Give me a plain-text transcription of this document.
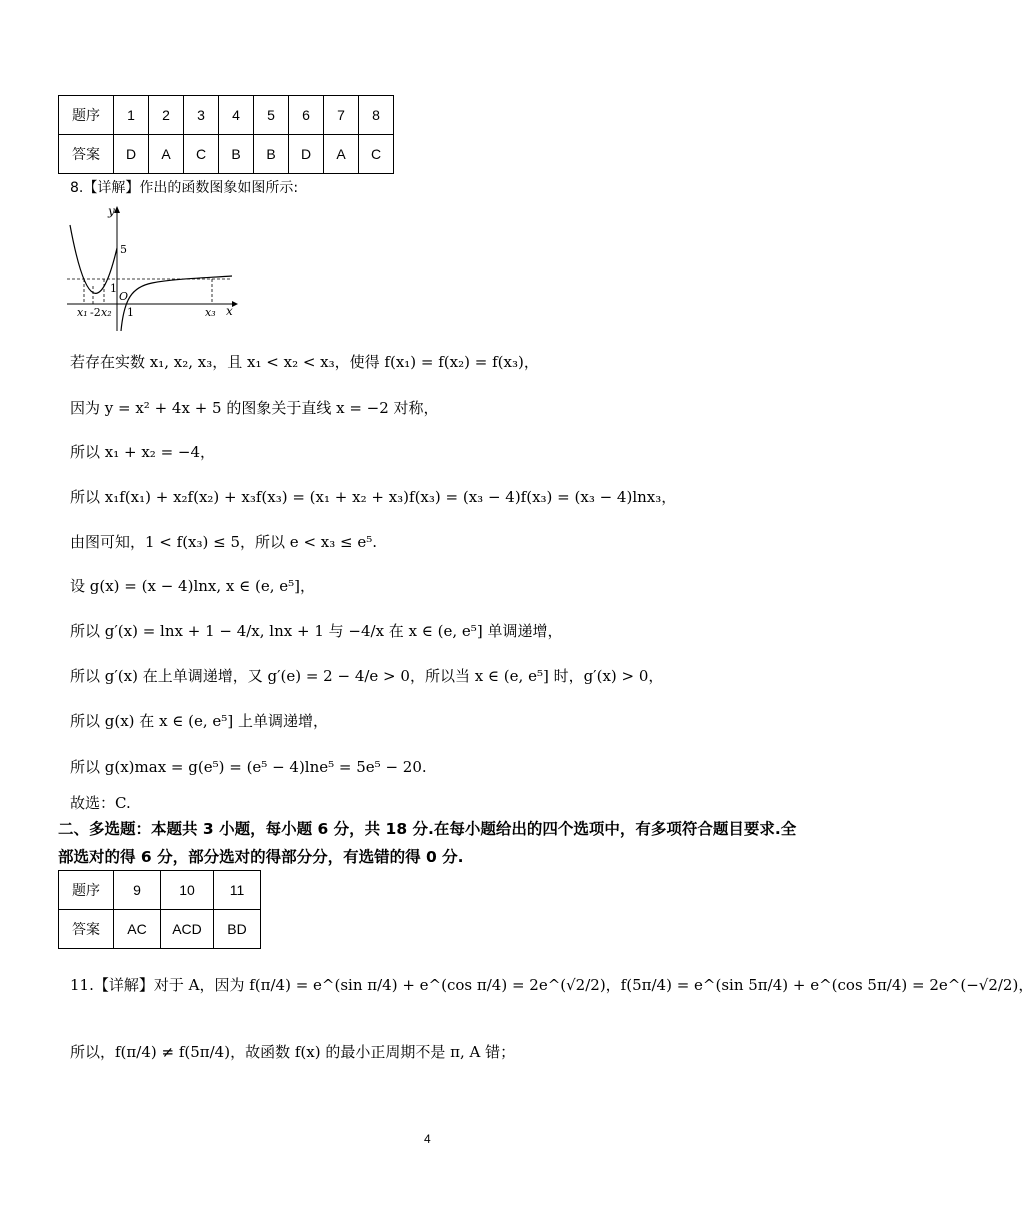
题序	1	2	3	4	5	6	7	8
答案	D	A	C	B	B	D	A	C
8.【详解】作出的函数图象如图所示:
y
5
1
O
1	x
x₁ -2 x₂	x₃
若存在实数 x₁, x₂, x₃，且 x₁ < x₂ < x₃，使得 f(x₁) = f(x₂) = f(x₃)，
因为 y = x² + 4x + 5 的图象关于直线 x = −2 对称，
所以 x₁ + x₂ = −4，
所以 x₁f(x₁) + x₂f(x₂) + x₃f(x₃) = (x₁ + x₂ + x₃)f(x₃) = (x₃ − 4)f(x₃) = (x₃ − 4)lnx₃，
由图可知，1 < f(x₃) ≤ 5，所以 e < x₃ ≤ e⁵.
设 g(x) = (x − 4)lnx, x ∈ (e, e⁵]，
所以 g′(x) = lnx + 1 − 4/x, lnx + 1 与 −4/x 在 x ∈ (e, e⁵] 单调递增，
所以 g′(x) 在上单调递增，又 g′(e) = 2 − 4/e > 0，所以当 x ∈ (e, e⁵] 时，g′(x) > 0，
所以 g(x) 在 x ∈ (e, e⁵] 上单调递增，
所以 g(x)max = g(e⁵) = (e⁵ − 4)lne⁵ = 5e⁵ − 20.
故选：C.
二、多选题：本题共 3 小题，每小题 6 分，共 18 分.在每小题给出的四个选项中，有多项符合题目要求.全部选对的得 6 分，部分选对的得部分分，有选错的得 0 分.
题序	9	10	11
答案	AC	ACD	BD
11.【详解】对于 A，因为 f(π/4) = e^(sin π/4) + e^(cos π/4) = 2e^(√2/2)，f(5π/4) = e^(sin 5π/4) + e^(cos 5π/4) = 2e^(−√2/2)，
所以，f(π/4) ≠ f(5π/4)，故函数 f(x) 的最小正周期不是 π, A 错；
4
